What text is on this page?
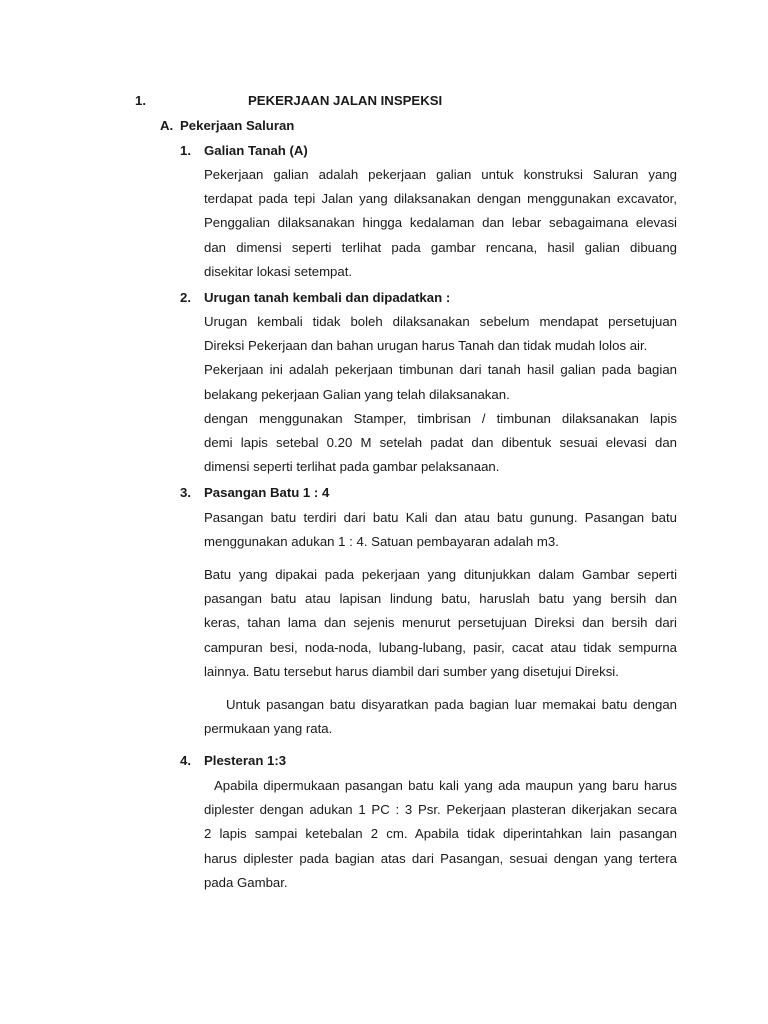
1.	PEKERJAAN JALAN INSPEKSI
A. Pekerjaan Saluran
1. Galian Tanah (A)
Pekerjaan galian adalah pekerjaan galian untuk konstruksi Saluran yang
terdapat pada tepi Jalan yang dilaksanakan dengan menggunakan excavator,
Penggalian dilaksanakan hingga kedalaman dan lebar sebagaimana elevasi
dan dimensi seperti terlihat pada gambar rencana, hasil galian dibuang
disekitar lokasi setempat.
2. Urugan tanah kembali dan dipadatkan :
Urugan kembali tidak boleh dilaksanakan sebelum mendapat persetujuan
Direksi Pekerjaan dan bahan urugan harus Tanah dan tidak mudah lolos air.
Pekerjaan ini adalah pekerjaan timbunan dari tanah hasil galian pada bagian
belakang pekerjaan Galian yang telah dilaksanakan.
dengan menggunakan Stamper, timbrisan / timbunan dilaksanakan lapis
demi lapis setebal 0.20 M setelah padat dan dibentuk sesuai elevasi dan
dimensi seperti terlihat pada gambar pelaksanaan.
3. Pasangan Batu 1 : 4
Pasangan batu terdiri dari batu Kali dan atau batu gunung. Pasangan batu
menggunakan adukan 1 : 4. Satuan pembayaran adalah m3.
Batu yang dipakai pada pekerjaan yang ditunjukkan dalam Gambar seperti
pasangan batu atau lapisan lindung batu, haruslah batu yang bersih dan
keras, tahan lama dan sejenis menurut persetujuan Direksi dan bersih dari
campuran besi, noda-noda, lubang-lubang, pasir, cacat atau tidak sempurna
lainnya. Batu tersebut harus diambil dari sumber yang disetujui Direksi.
Untuk pasangan batu disyaratkan pada bagian luar memakai batu dengan
permukaan yang rata.
4. Plesteran 1:3
Apabila dipermukaan pasangan batu kali yang ada maupun yang baru harus
diplester dengan adukan 1 PC : 3 Psr. Pekerjaan plasteran dikerjakan secara
2 lapis sampai ketebalan 2 cm. Apabila tidak diperintahkan lain pasangan
harus diplester pada bagian atas dari Pasangan, sesuai dengan yang tertera
pada Gambar.
